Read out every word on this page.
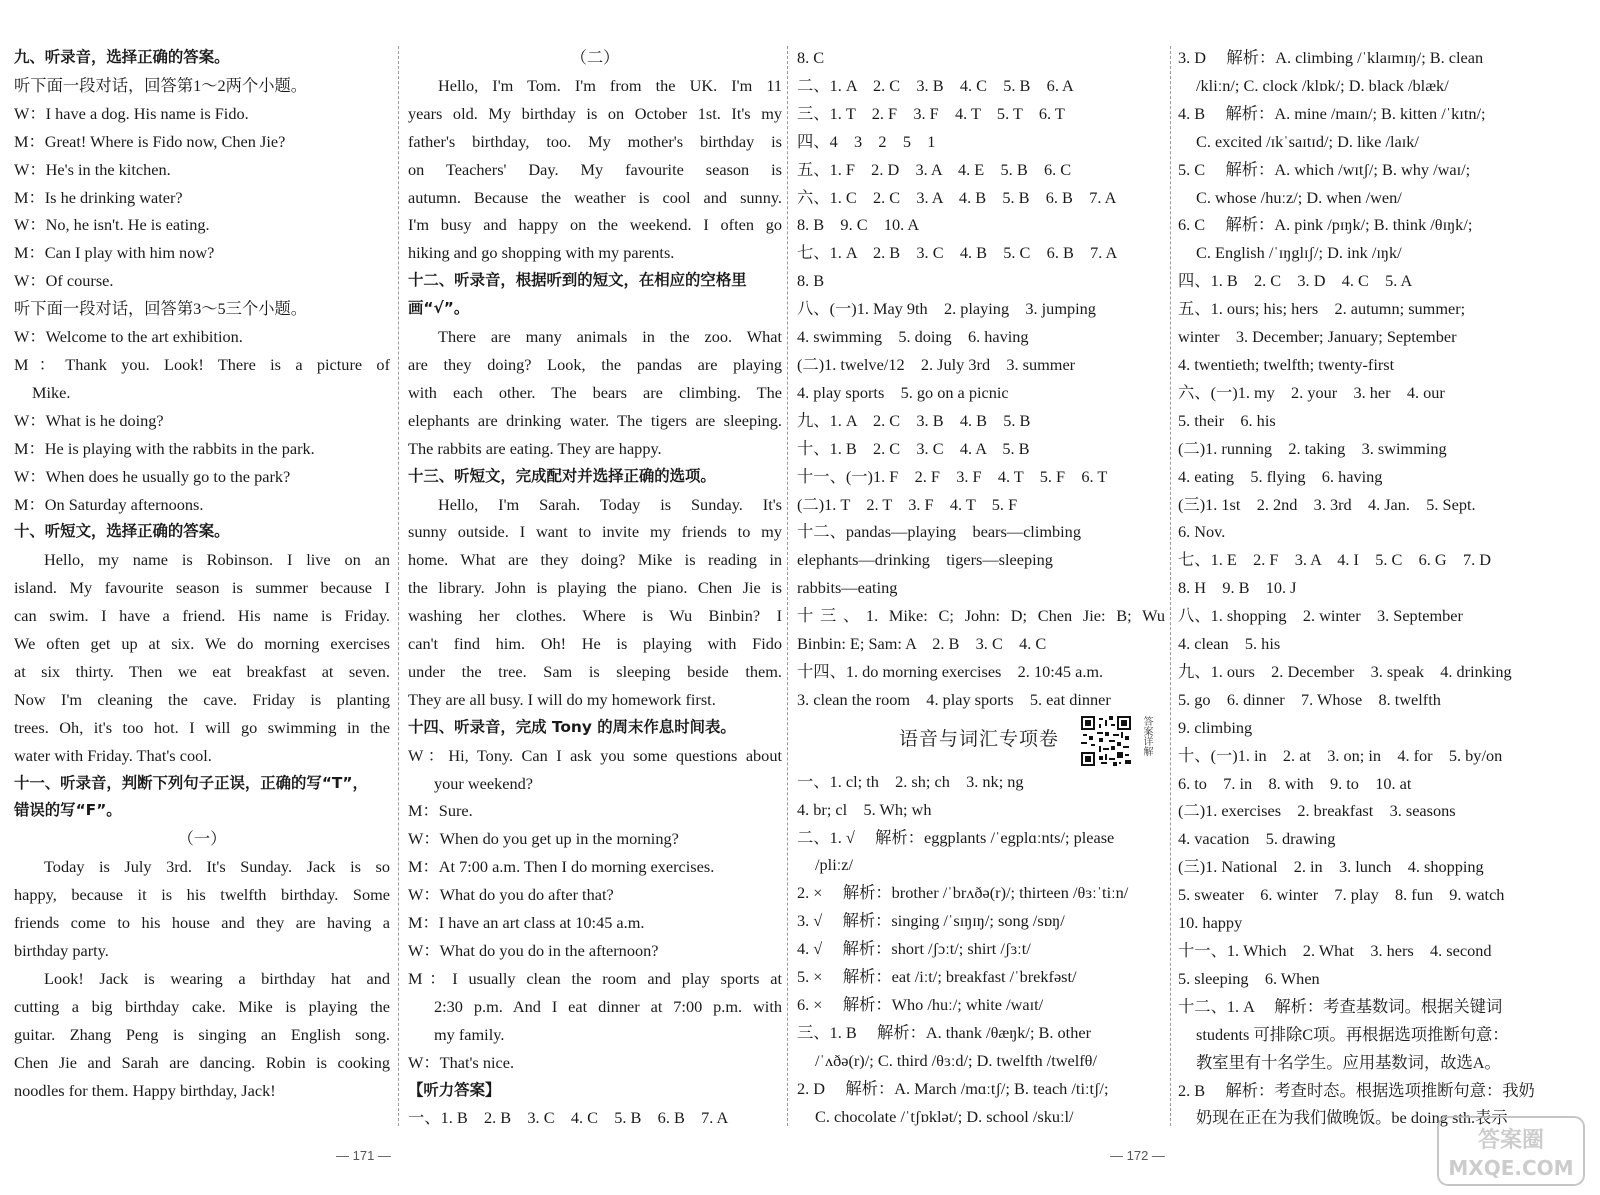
九、听录音，选择正确的答案。
听下面一段对话，回答第1～2两个小题。
W：I have a dog. His name is Fido.
M：Great! Where is Fido now, Chen Jie?
W：He's in the kitchen.
M：Is he drinking water?
W：No, he isn't. He is eating.
M：Can I play with him now?
W：Of course.
听下面一段对话，回答第3～5三个小题。
W：Welcome to the art exhibition.
M：Thank you. Look! There is a picture of
Mike.
W：What is he doing?
M：He is playing with the rabbits in the park.
W：When does he usually go to the park?
M：On Saturday afternoons.
十、听短文，选择正确的答案。
Hello, my name is Robinson. I live on an
island. My favourite season is summer because I
can swim. I have a friend. His name is Friday.
We often get up at six. We do morning exercises
at six thirty. Then we eat breakfast at seven.
Now I'm cleaning the cave. Friday is planting
trees. Oh, it's too hot. I will go swimming in the
water with Friday. That's cool.
十一、听录音，判断下列句子正误，正确的写“T”，
错误的写“F”。
（一）
Today is July 3rd. It's Sunday. Jack is so
happy, because it is his twelfth birthday. Some
friends come to his house and they are having a
birthday party.
Look! Jack is wearing a birthday hat and
cutting a big birthday cake. Mike is playing the
guitar. Zhang Peng is singing an English song.
Chen Jie and Sarah are dancing. Robin is cooking
noodles for them. Happy birthday, Jack!
（二）
Hello, I'm Tom. I'm from the UK. I'm 11
years old. My birthday is on October 1st. It's my
father's birthday, too. My mother's birthday is
on Teachers' Day. My favourite season is
autumn. Because the weather is cool and sunny.
I'm busy and happy on the weekend. I often go
hiking and go shopping with my parents.
十二、听录音，根据听到的短文，在相应的空格里
画“√”。
There are many animals in the zoo. What
are they doing? Look, the pandas are playing
with each other. The bears are climbing. The
elephants are drinking water. The tigers are sleeping.
The rabbits are eating. They are happy.
十三、听短文，完成配对并选择正确的选项。
Hello, I'm Sarah. Today is Sunday. It's
sunny outside. I want to invite my friends to my
home. What are they doing? Mike is reading in
the library. John is playing the piano. Chen Jie is
washing her clothes. Where is Wu Binbin? I
can't find him. Oh! He is playing with Fido
under the tree. Sam is sleeping beside them.
They are all busy. I will do my homework first.
十四、听录音，完成 Tony 的周末作息时间表。
W：Hi, Tony. Can I ask you some questions about
your weekend?
M：Sure.
W：When do you get up in the morning?
M：At 7:00 a.m. Then I do morning exercises.
W：What do you do after that?
M：I have an art class at 10:45 a.m.
W：What do you do in the afternoon?
M：I usually clean the room and play sports at
2:30 p.m. And I eat dinner at 7:00 p.m. with
my family.
W：That's nice.
【听力答案】
一、1. B　2. B　3. C　4. C　5. B　6. B　7. A
8. C
二、1. A　2. C　3. B　4. C　5. B　6. A
三、1. T　2. F　3. F　4. T　5. T　6. T
四、4　3　2　5　1
五、1. F　2. D　3. A　4. E　5. B　6. C
六、1. C　2. C　3. A　4. B　5. B　6. B　7. A
8. B　9. C　10. A
七、1. A　2. B　3. C　4. B　5. C　6. B　7. A
8. B
八、(一)1. May 9th　2. playing　3. jumping
4. swimming　5. doing　6. having
(二)1. twelve/12　2. July 3rd　3. summer
4. play sports　5. go on a picnic
九、1. A　2. C　3. B　4. B　5. B
十、1. B　2. C　3. C　4. A　5. B
十一、(一)1. F　2. F　3. F　4. T　5. F　6. T
(二)1. T　2. T　3. F　4. T　5. F
十二、pandas—playing　bears—climbing
elephants—drinking　tigers—sleeping
rabbits—eating
十三、1. Mike: C; John: D; Chen Jie: B; Wu
Binbin: E; Sam: A　2. B　3. C　4. C
十四、1. do morning exercises　2. 10:45 a.m.
3. clean the room　4. play sports　5. eat dinner
语音与词汇专项卷	答案详解
一、1. cl; th　2. sh; ch　3. nk; ng
4. br; cl　5. Wh; wh
二、1. √　 解析：eggplants /ˈegplɑːnts/; please
/pliːz/
2. ×　 解析：brother /ˈbrʌðə(r)/; thirteen /θɜːˈtiːn/
3. √　 解析：singing /ˈsɪŋɪŋ/; song /sɒŋ/
4. √　 解析：short /ʃɔːt/; shirt /ʃɜːt/
5. ×　 解析：eat /iːt/; breakfast /ˈbrekfəst/
6. ×　 解析：Who /huː/; white /waɪt/
三、1. B　 解析：A. thank /θæŋk/; B. other
/ˈʌðə(r)/; C. third /θɜːd/; D. twelfth /twelfθ/
2. D　 解析：A. March /mɑːtʃ/; B. teach /tiːtʃ/;
C. chocolate /ˈtʃɒklət/; D. school /skuːl/
3. D　 解析：A. climbing /ˈklaɪmɪŋ/; B. clean
/kliːn/; C. clock /klɒk/; D. black /blæk/
4. B　 解析：A. mine /maɪn/; B. kitten /ˈkɪtn/;
C. excited /ɪkˈsaɪtɪd/; D. like /laɪk/
5. C　 解析：A. which /wɪtʃ/; B. why /waɪ/;
C. whose /huːz/; D. when /wen/
6. C　 解析：A. pink /pɪŋk/; B. think /θɪŋk/;
C. English /ˈɪŋglɪʃ/; D. ink /ɪŋk/
四、1. B　2. C　3. D　4. C　5. A
五、1. ours; his; hers　2. autumn; summer;
winter　3. December; January; September
4. twentieth; twelfth; twenty-first
六、(一)1. my　2. your　3. her　4. our
5. their　6. his
(二)1. running　2. taking　3. swimming
4. eating　5. flying　6. having
(三)1. 1st　2. 2nd　3. 3rd　4. Jan.　5. Sept.
6. Nov.
七、1. E　2. F　3. A　4. I　5. C　6. G　7. D
8. H　9. B　10. J
八、1. shopping　2. winter　3. September
4. clean　5. his
九、1. ours　2. December　3. speak　4. drinking
5. go　6. dinner　7. Whose　8. twelfth
9. climbing
十、(一)1. in　2. at　3. on; in　4. for　5. by/on
6. to　7. in　8. with　9. to　10. at
(二)1. exercises　2. breakfast　3. seasons
4. vacation　5. drawing
(三)1. National　2. in　3. lunch　4. shopping
5. sweater　6. winter　7. play　8. fun　9. watch
10. happy
十一、1. Which　2. What　3. hers　4. second
5. sleeping　6. When
十二、1. A　 解析：考查基数词。根据关键词
students 可排除C项。再根据选项推断句意：
教室里有十名学生。应用基数词，故选A。
2. B　 解析：考查时态。根据选项推断句意：我奶
奶现在正在为我们做晚饭。be doing sth.表示
— 171 —	— 172 —
答案圈
MXQE.COM
